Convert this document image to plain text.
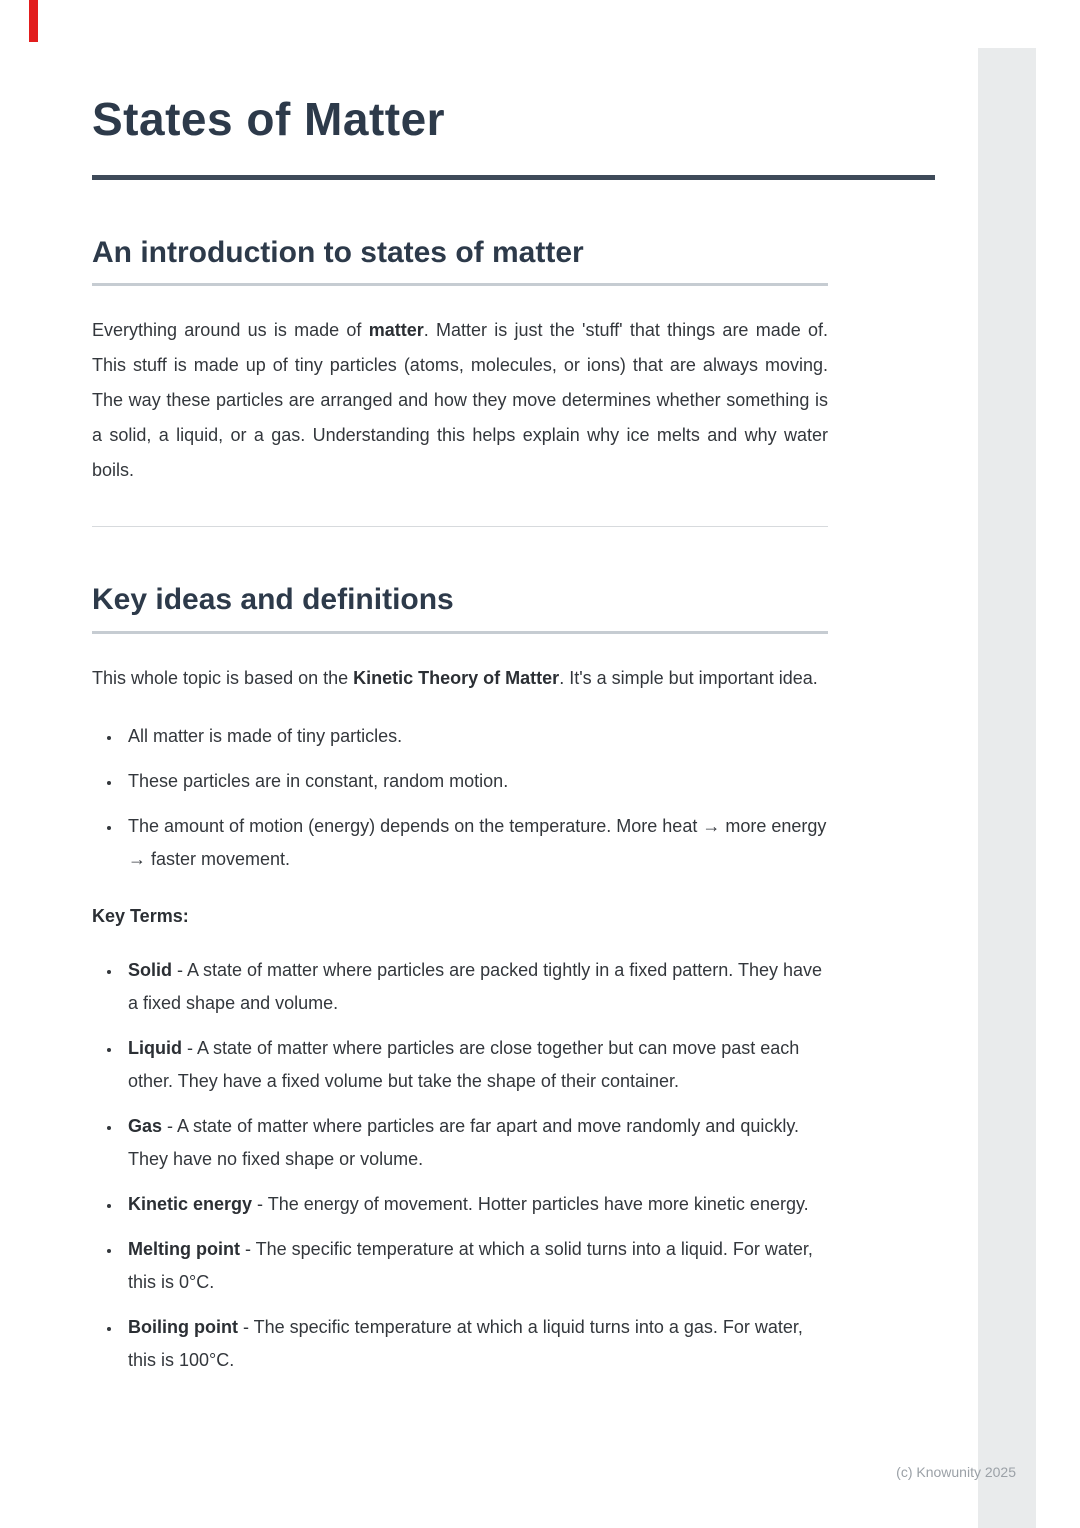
States of Matter
An introduction to states of matter

Everything around us is made of matter. Matter is just the 'stuff' that things are made of. This stuff is made up of tiny particles (atoms, molecules, or ions) that are always moving. The way these particles are arranged and how they move determines whether something is a solid, a liquid, or a gas. Understanding this helps explain why ice melts and why water boils.

Key ideas and definitions

This whole topic is based on the Kinetic Theory of Matter. It's a simple but important idea.

• All matter is made of tiny particles.
• These particles are in constant, random motion.
• The amount of motion (energy) depends on the temperature. More heat → more energy → faster movement.

Key Terms:

• Solid - A state of matter where particles are packed tightly in a fixed pattern. They have a fixed shape and volume.
• Liquid - A state of matter where particles are close together but can move past each other. They have a fixed volume but take the shape of their container.
• Gas - A state of matter where particles are far apart and move randomly and quickly. They have no fixed shape or volume.
• Kinetic energy - The energy of movement. Hotter particles have more kinetic energy.
• Melting point - The specific temperature at which a solid turns into a liquid. For water, this is 0°C.
• Boiling point - The specific temperature at which a liquid turns into a gas. For water, this is 100°C.
(c) Knowunity 2025
